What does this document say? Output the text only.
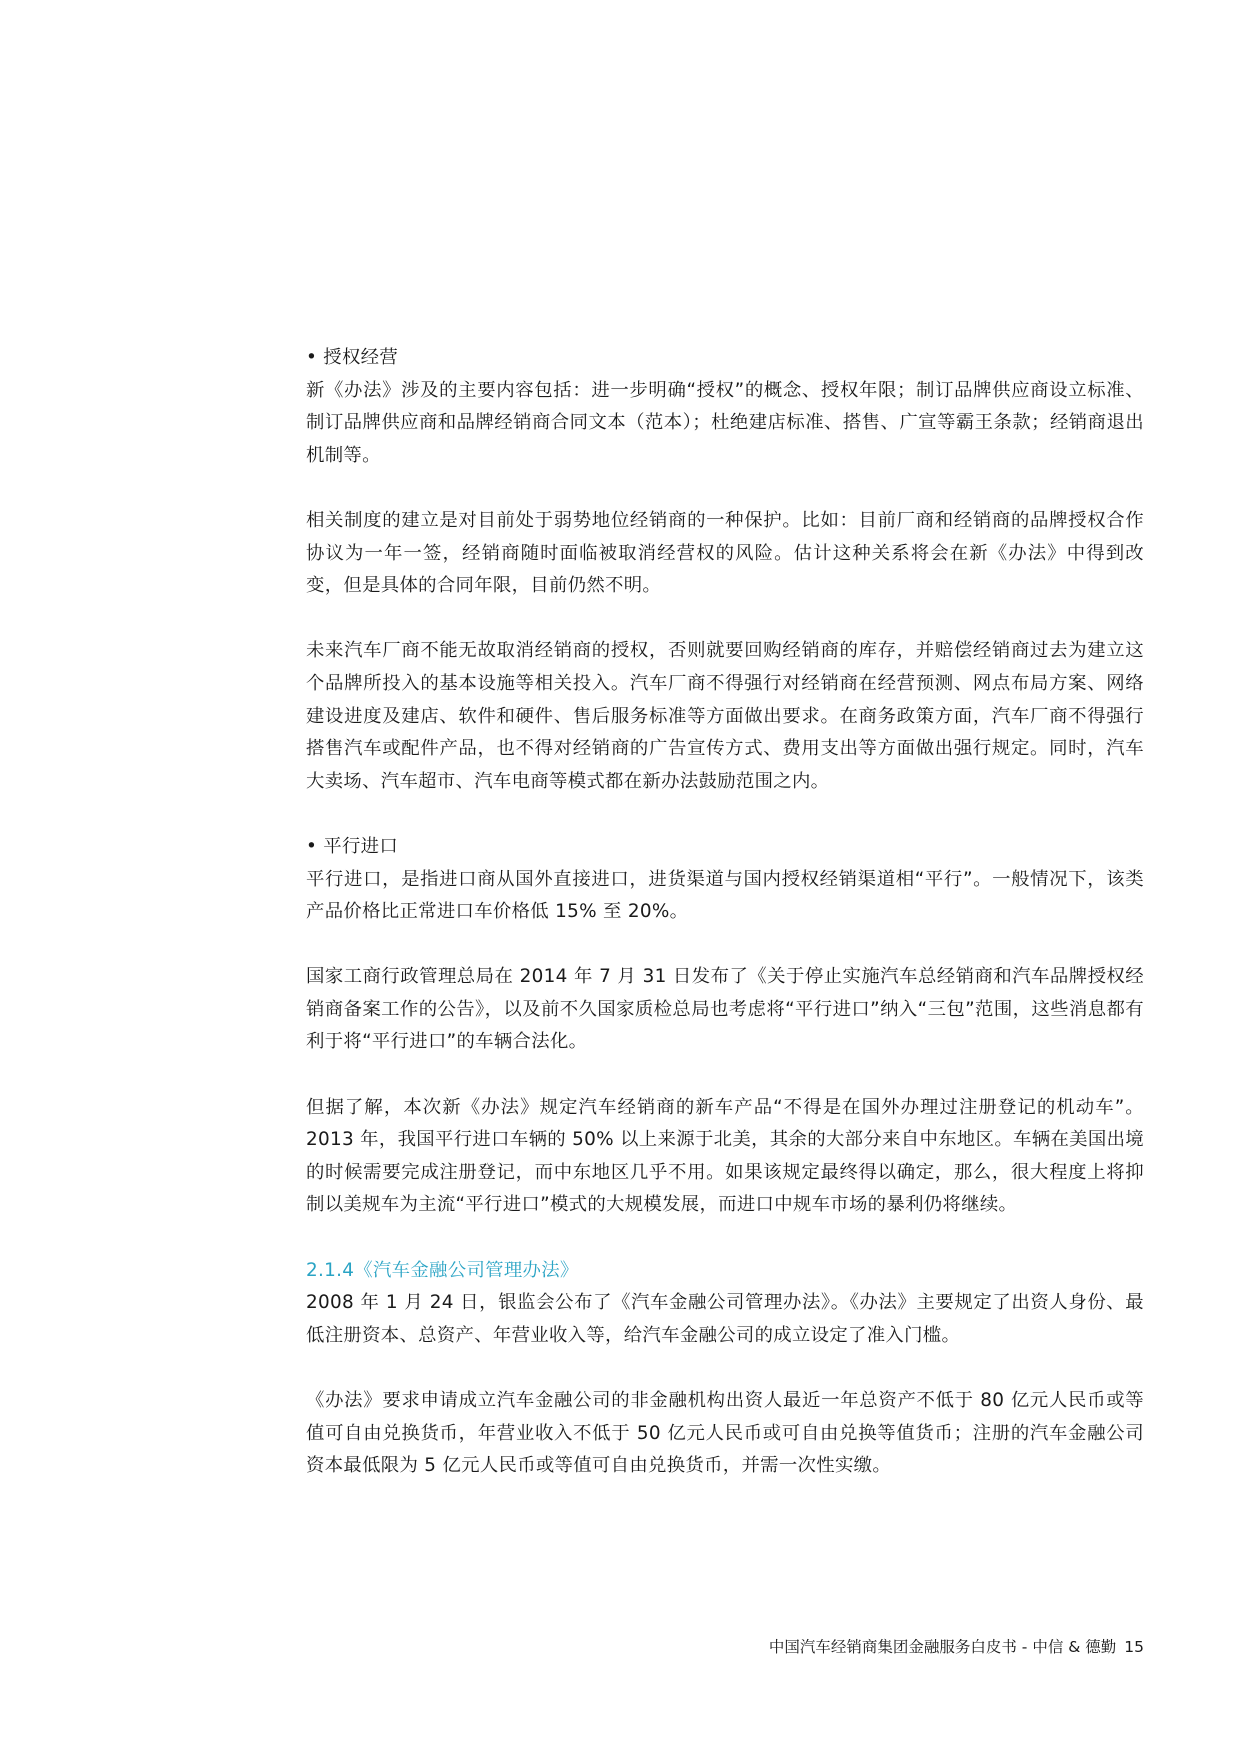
• 授权经营

新《办法》涉及的主要内容包括：进一步明确“授权”的概念、授权年限；制订品牌供应商设立标准、制订品牌供应商和品牌经销商合同文本（范本）；杜绝建店标准、搭售、广宣等霸王条款；经销商退出机制等。

相关制度的建立是对目前处于弱势地位经销商的一种保护。比如：目前厂商和经销商的品牌授权合作协议为一年一签，经销商随时面临被取消经营权的风险。估计这种关系将会在新《办法》中得到改变，但是具体的合同年限，目前仍然不明。

未来汽车厂商不能无故取消经销商的授权，否则就要回购经销商的库存，并赔偿经销商过去为建立这个品牌所投入的基本设施等相关投入。汽车厂商不得强行对经销商在经营预测、网点布局方案、网络建设进度及建店、软件和硬件、售后服务标准等方面做出要求。在商务政策方面，汽车厂商不得强行搭售汽车或配件产品，也不得对经销商的广告宣传方式、费用支出等方面做出强行规定。同时，汽车大卖场、汽车超市、汽车电商等模式都在新办法鼓励范围之内。

• 平行进口

平行进口，是指进口商从国外直接进口，进货渠道与国内授权经销渠道相“平行”。一般情况下，该类产品价格比正常进口车价格低 15% 至 20%。

国家工商行政管理总局在 2014 年 7 月 31 日发布了《关于停止实施汽车总经销商和汽车品牌授权经销商备案工作的公告》，以及前不久国家质检总局也考虑将“平行进口”纳入“三包”范围，这些消息都有利于将“平行进口”的车辆合法化。

但据了解，本次新《办法》规定汽车经销商的新车产品“不得是在国外办理过注册登记的机动车”。2013 年，我国平行进口车辆的 50% 以上来源于北美，其余的大部分来自中东地区。车辆在美国出境的时候需要完成注册登记，而中东地区几乎不用。如果该规定最终得以确定，那么，很大程度上将抑制以美规车为主流“平行进口”模式的大规模发展，而进口中规车市场的暴利仍将继续。

2.1.4《汽车金融公司管理办法》

2008 年 1 月 24 日，银监会公布了《汽车金融公司管理办法》。《办法》主要规定了出资人身份、最低注册资本、总资产、年营业收入等，给汽车金融公司的成立设定了准入门槛。

《办法》要求申请成立汽车金融公司的非金融机构出资人最近一年总资产不低于 80 亿元人民币或等值可自由兑换货币，年营业收入不低于 50 亿元人民币或可自由兑换等值货币；注册的汽车金融公司资本最低限为 5 亿元人民币或等值可自由兑换货币，并需一次性实缴。

中国汽车经销商集团金融服务白皮书 - 中信 & 德勤 15
